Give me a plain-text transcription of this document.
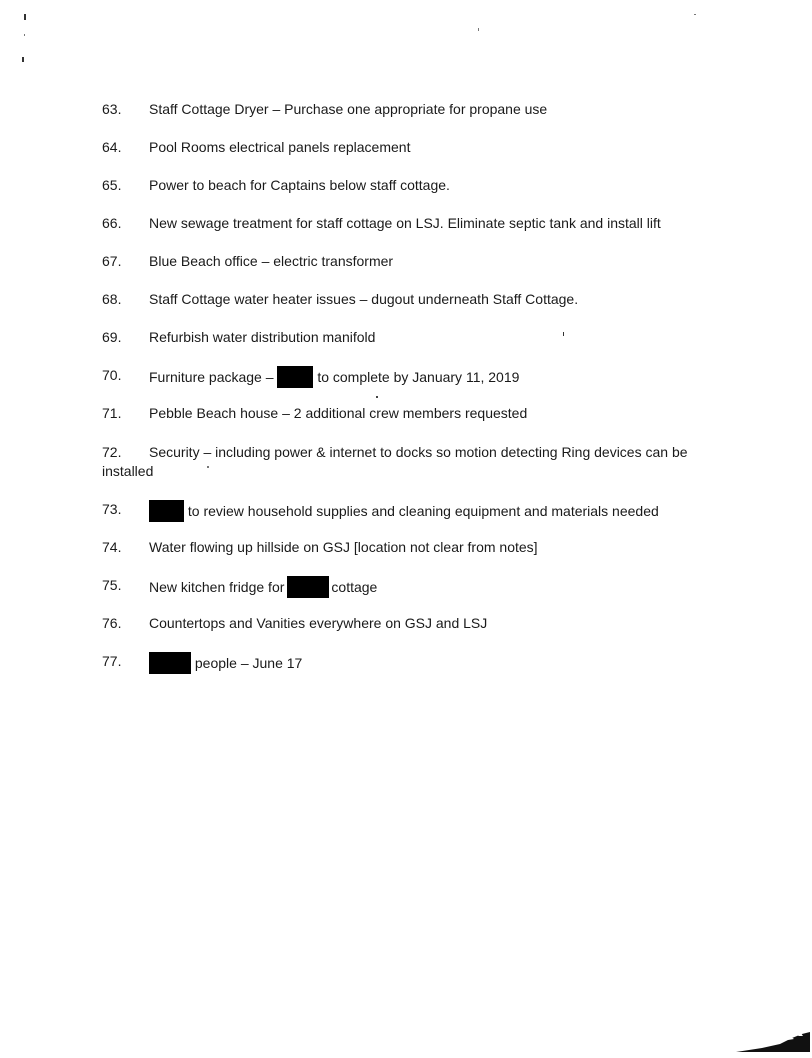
63. Staff Cottage Dryer – Purchase one appropriate for propane use
64. Pool Rooms electrical panels replacement
65. Power to beach for Captains below staff cottage.
66. New sewage treatment for staff cottage on LSJ. Eliminate septic tank and install lift
67. Blue Beach office – electric transformer
68. Staff Cottage water heater issues – dugout underneath Staff Cottage.
69. Refurbish water distribution manifold
70. Furniture package –	to complete by January 11, 2019
71. Pebble Beach house – 2 additional crew members requested
72. Security – including power & internet to docks so motion detecting Ring devices can be
installed
73.	to review household supplies and cleaning equipment and materials needed
74. Water flowing up hillside on GSJ [location not clear from notes]
75. New kitchen fridge for	cottage
76. Countertops and Vanities everywhere on GSJ and LSJ
77.	people – June 17
